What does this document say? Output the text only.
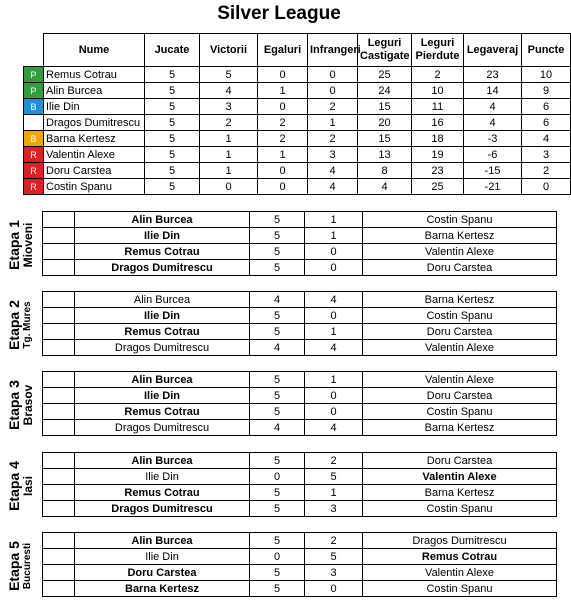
Silver League
	Nume	Jucate	Victorii	Egaluri	Infrangeri	Leguri Castigate	Leguri Pierdute	Legaveraj	Puncte
P	Remus Cotrau	5	5	0	0	25	2	23	10
P	Alin Burcea	5	4	1	0	24	10	14	9
B	Ilie Din	5	3	0	2	15	11	4	6
	Dragos Dumitrescu	5	2	2	1	20	16	4	6
B	Barna Kertesz	5	1	2	2	15	18	-3	4
R	Valentin Alexe	5	1	1	3	13	19	-6	3
R	Doru Carstea	5	1	0	4	8	23	-15	2
R	Costin Spanu	5	0	0	4	4	25	-21	0
Etapa 1 Mioveni
	Alin Burcea	5	1	Costin Spanu
	Ilie Din	5	1	Barna Kertesz
	Remus Cotrau	5	0	Valentin Alexe
	Dragos Dumitrescu	5	0	Doru Carstea
Etapa 2 Tg. Mures
	Alin Burcea	4	4	Barna Kertesz
	Ilie Din	5	0	Costin Spanu
	Remus Cotrau	5	1	Doru Carstea
	Dragos Dumitrescu	4	4	Valentin Alexe
Etapa 3 Brasov
	Alin Burcea	5	1	Valentin Alexe
	Ilie Din	5	0	Doru Carstea
	Remus Cotrau	5	0	Costin Spanu
	Dragos Dumitrescu	4	4	Barna Kertesz
Etapa 4 Iasi
	Alin Burcea	5	2	Doru Carstea
	Ilie Din	0	5	Valentin Alexe
	Remus Cotrau	5	1	Barna Kertesz
	Dragos Dumitrescu	5	3	Costin Spanu
Etapa 5 Bucuresti
	Alin Burcea	5	2	Dragos Dumitrescu
	Ilie Din	0	5	Remus Cotrau
	Doru Carstea	5	3	Valentin Alexe
	Barna Kertesz	5	0	Costin Spanu
